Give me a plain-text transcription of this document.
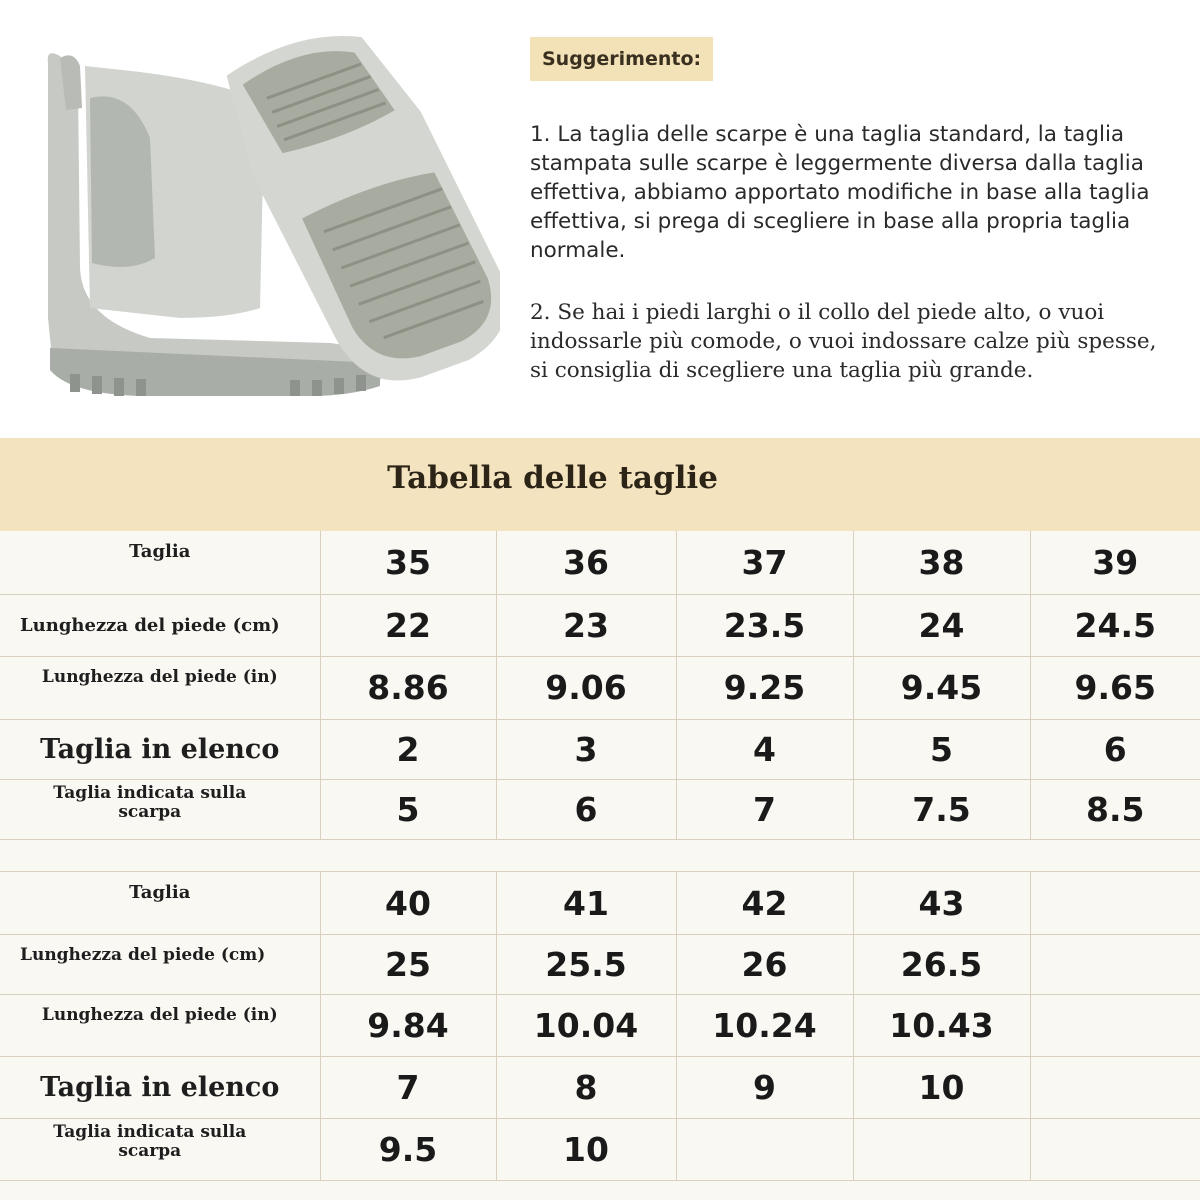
Suggerimento:

1. La taglia delle scarpe è una taglia standard, la taglia stampata sulle scarpe è leggermente diversa dalla taglia effettiva, abbiamo apportato modifiche in base alla taglia effettiva, si prega di scegliere in base alla propria taglia normale.

2. Se hai i piedi larghi o il collo del piede alto, o vuoi indossarle più comode, o vuoi indossare calze più spesse, si consiglia di scegliere una taglia più grande.

Tabella delle taglie
Taglia	35	36	37	38	39
Lunghezza del piede (cm)	22	23	23.5	24	24.5
Lunghezza del piede (in)	8.86	9.06	9.25	9.45	9.65
Taglia in elenco	2	3	4	5	6
Taglia indicata sulla scarpa	5	6	7	7.5	8.5
Taglia	40	41	42	43	
Lunghezza del piede (cm)	25	25.5	26	26.5	
Lunghezza del piede (in)	9.84	10.04	10.24	10.43	
Taglia in elenco	7	8	9	10	
Taglia indicata sulla scarpa	9.5	10			
